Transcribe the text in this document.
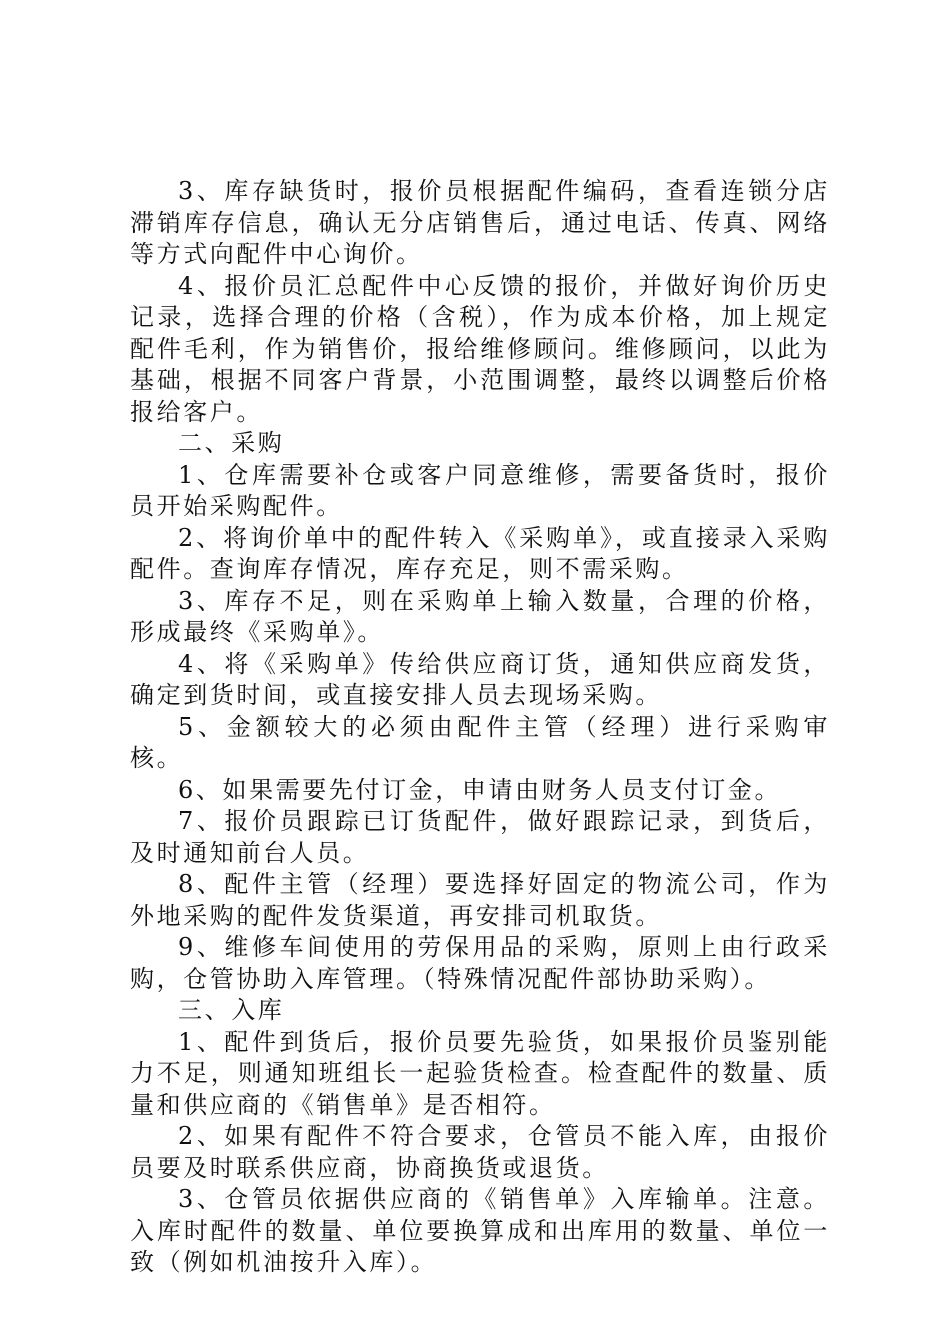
3、库存缺货时，报价员根据配件编码，查看连锁分店滞销库存信息，确认无分店销售后，通过电话、传真、网络等方式向配件中心询价。

4、报价员汇总配件中心反馈的报价，并做好询价历史记录，选择合理的价格（含税），作为成本价格，加上规定配件毛利，作为销售价，报给维修顾问。维修顾问，以此为基础，根据不同客户背景，小范围调整，最终以调整后价格报给客户。

二、采购

1、仓库需要补仓或客户同意维修，需要备货时，报价员开始采购配件。

2、将询价单中的配件转入《采购单》，或直接录入采购配件。查询库存情况，库存充足，则不需采购。

3、库存不足，则在采购单上输入数量，合理的价格，形成最终《采购单》。

4、将《采购单》传给供应商订货，通知供应商发货，确定到货时间，或直接安排人员去现场采购。

5、金额较大的必须由配件主管（经理）进行采购审核。

6、如果需要先付订金，申请由财务人员支付订金。

7、报价员跟踪已订货配件，做好跟踪记录，到货后，及时通知前台人员。

8、配件主管（经理）要选择好固定的物流公司，作为外地采购的配件发货渠道，再安排司机取货。

9、维修车间使用的劳保用品的采购，原则上由行政采购，仓管协助入库管理。（特殊情况配件部协助采购）。

三、入库

1、配件到货后，报价员要先验货，如果报价员鉴别能力不足，则通知班组长一起验货检查。检查配件的数量、质量和供应商的《销售单》是否相符。

2、如果有配件不符合要求，仓管员不能入库，由报价员要及时联系供应商，协商换货或退货。

3、仓管员依据供应商的《销售单》入库输单。注意。入库时配件的数量、单位要换算成和出库用的数量、单位一致（例如机油按升入库）。
